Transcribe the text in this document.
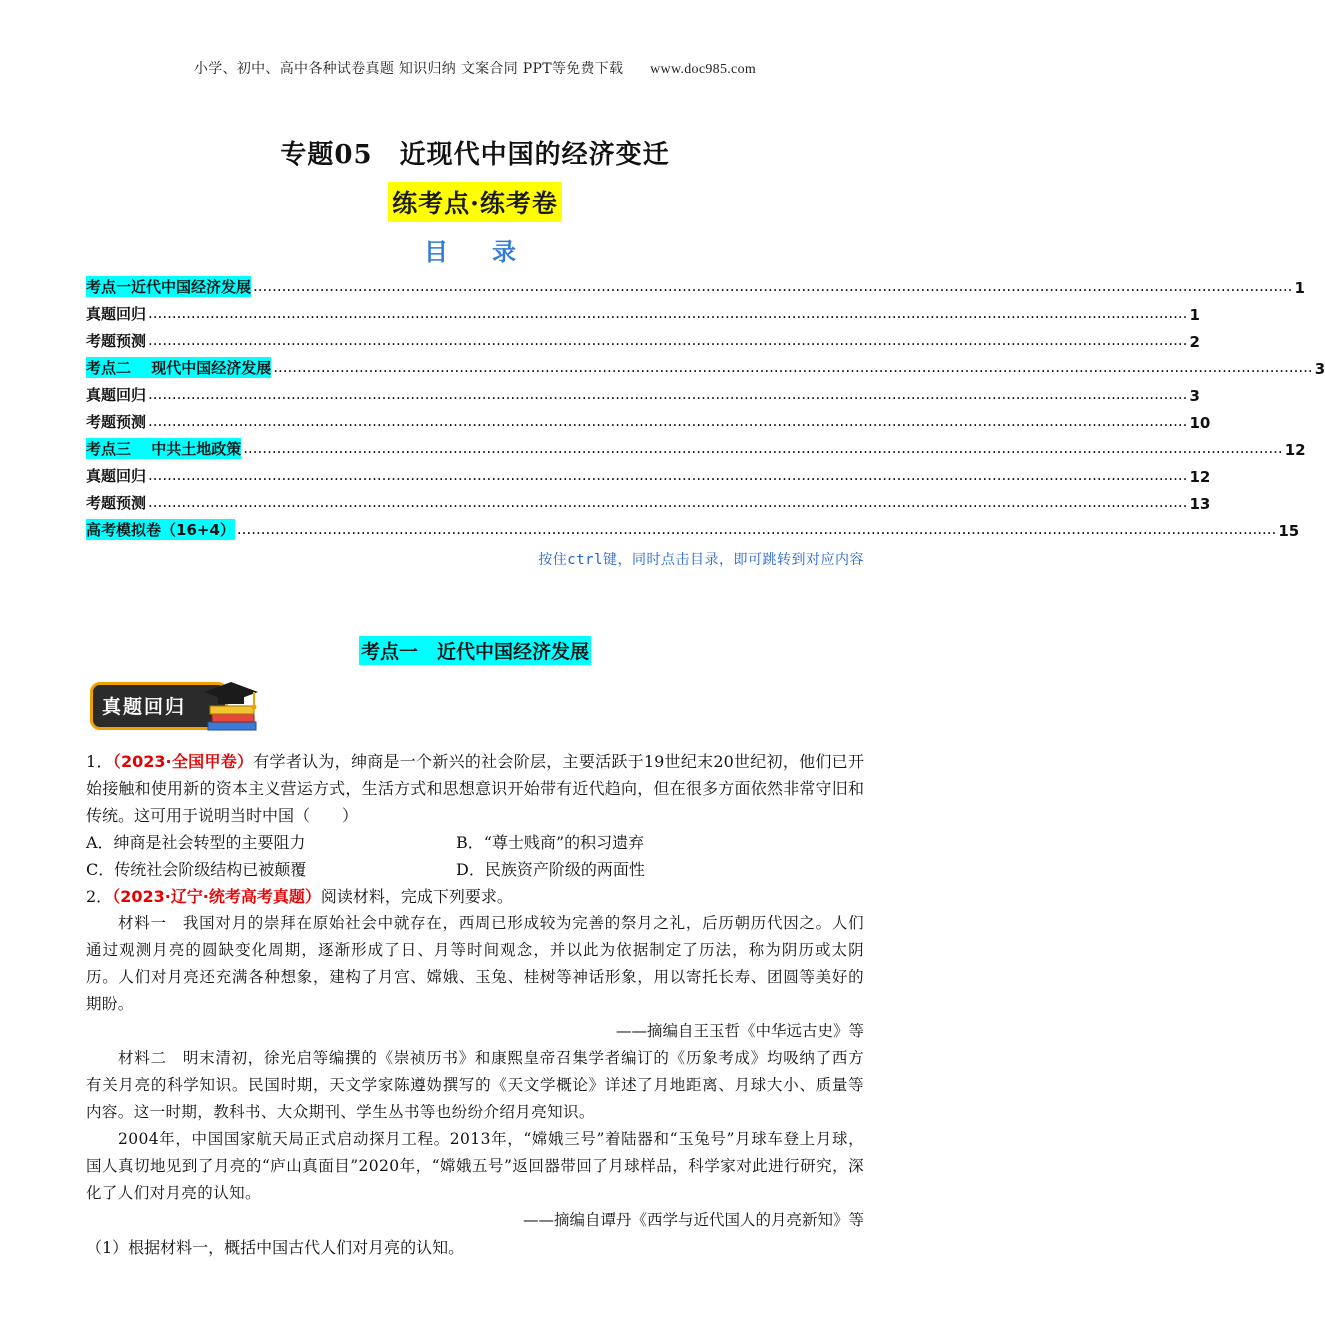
小学、初中、高中各种试卷真题 知识归纳 文案合同 PPT等免费下载 www.doc985.com
专题05　近现代中国的经济变迁
练考点·练考卷
目　录
考点一近代中国经济发展 .......................................................................................................................................................................................................................... 1
真题回归 .......................................................................................................................................................................................................................... 1
考题预测 .......................................................................................................................................................................................................................... 2
考点二　 现代中国经济发展 .......................................................................................................................................................................................................................... 3
真题回归 .......................................................................................................................................................................................................................... 3
考题预测 .......................................................................................................................................................................................................................... 10
考点三　 中共土地政策 .......................................................................................................................................................................................................................... 12
真题回归 .......................................................................................................................................................................................................................... 12
考题预测 .......................................................................................................................................................................................................................... 13
高考模拟卷（16+4） .......................................................................................................................................................................................................................... 15
按住ctrl键，同时点击目录，即可跳转到对应内容
考点一　近代中国经济发展
真题回归

1．（2023·全国甲卷）有学者认为，绅商是一个新兴的社会阶层，主要活跃于19世纪末20世纪初，他们已开始接触和使用新的资本主义营运方式，生活方式和思想意识开始带有近代趋向，但在很多方面依然非常守旧和传统。这可用于说明当时中国（　　）

A．绅商是社会转型的主要阻力	B．“尊士贱商”的积习遗弃
C．传统社会阶级结构已被颠覆	D．民族资产阶级的两面性

2．（2023·辽宁·统考高考真题）阅读材料，完成下列要求。

材料一　我国对月的崇拜在原始社会中就存在，西周已形成较为完善的祭月之礼，后历朝历代因之。人们通过观测月亮的圆缺变化周期，逐渐形成了日、月等时间观念，并以此为依据制定了历法，称为阴历或太阴历。人们对月亮还充满各种想象，建构了月宫、嫦娥、玉兔、桂树等神话形象，用以寄托长寿、团圆等美好的期盼。

——摘编自王玉哲《中华远古史》等

材料二　明末清初，徐光启等编撰的《崇祯历书》和康熙皇帝召集学者编订的《历象考成》均吸纳了西方有关月亮的科学知识。民国时期，天文学家陈遵妫撰写的《天文学概论》详述了月地距离、月球大小、质量等内容。这一时期，教科书、大众期刊、学生丛书等也纷纷介绍月亮知识。

2004年，中国国家航天局正式启动探月工程。2013年，“嫦娥三号”着陆器和“玉兔号”月球车登上月球，国人真切地见到了月亮的“庐山真面目”2020年，“嫦娥五号”返回器带回了月球样品，科学家对此进行研究，深化了人们对月亮的认知。

——摘编自谭丹《西学与近代国人的月亮新知》等

（1）根据材料一，概括中国古代人们对月亮的认知。
